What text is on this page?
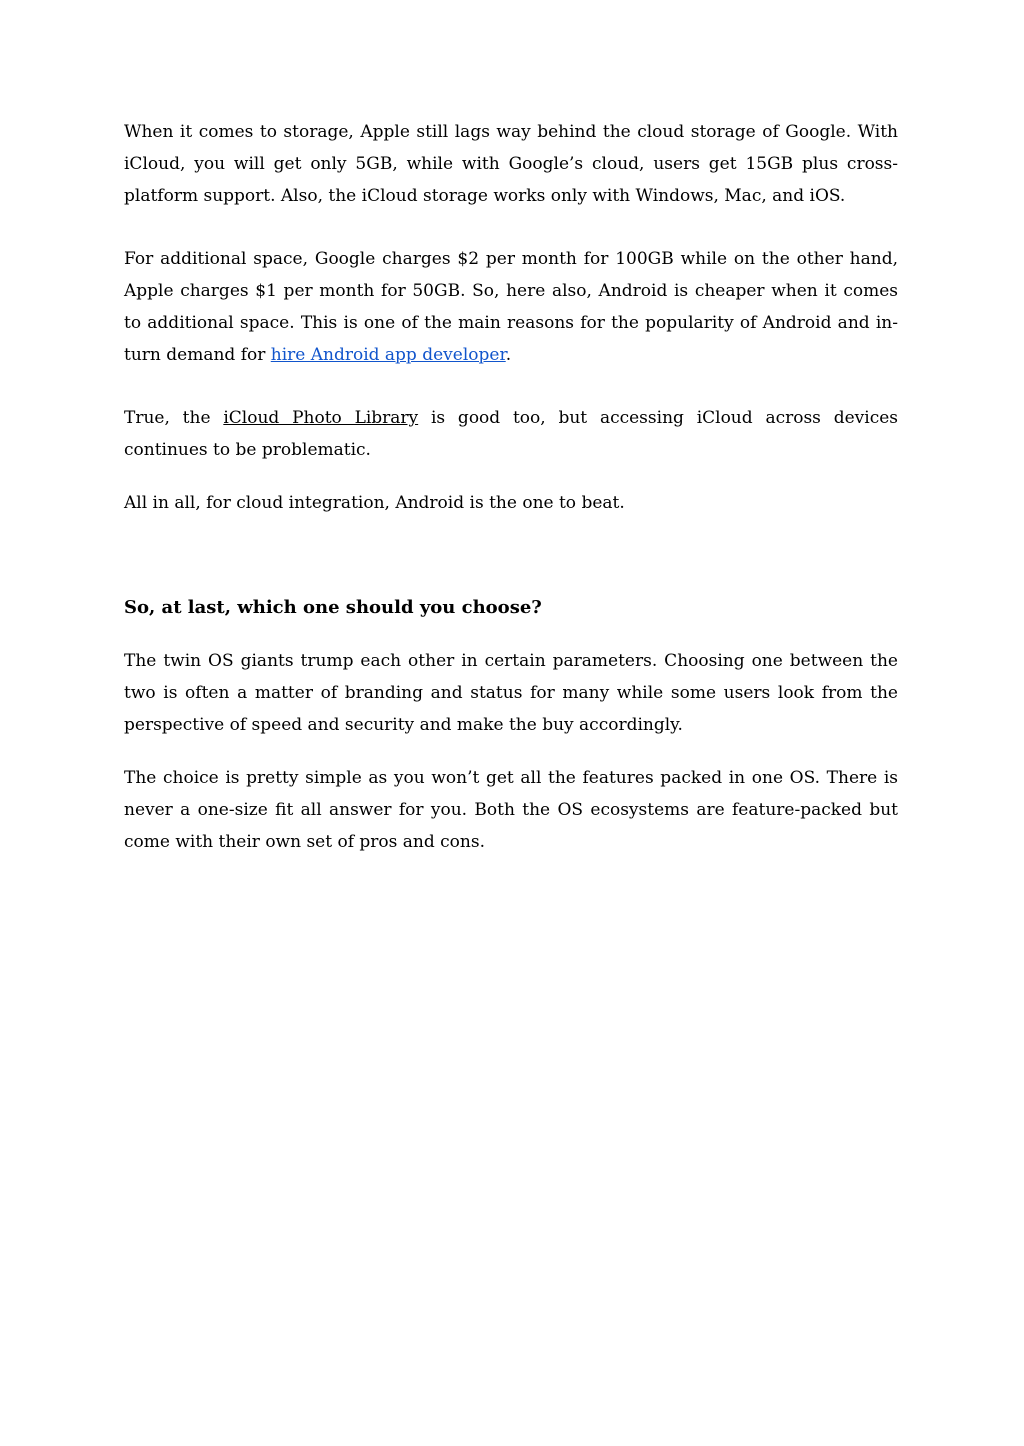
When it comes to storage, Apple still lags way behind the cloud storage of Google. With iCloud, you will get only 5GB, while with Google’s cloud, users get 15GB plus cross-platform support. Also, the iCloud storage works only with Windows, Mac, and iOS.

For additional space, Google charges $2 per month for 100GB while on the other hand, Apple charges $1 per month for 50GB. So, here also, Android is cheaper when it comes to additional space. This is one of the main reasons for the popularity of Android and in-turn demand for hire Android app developer.

True, the iCloud Photo Library is good too, but accessing iCloud across devices continues to be problematic.

All in all, for cloud integration, Android is the one to beat.

So, at last, which one should you choose?

The twin OS giants trump each other in certain parameters. Choosing one between the two is often a matter of branding and status for many while some users look from the perspective of speed and security and make the buy accordingly.

The choice is pretty simple as you won’t get all the features packed in one OS. There is never a one-size fit all answer for you. Both the OS ecosystems are feature-packed but come with their own set of pros and cons.
